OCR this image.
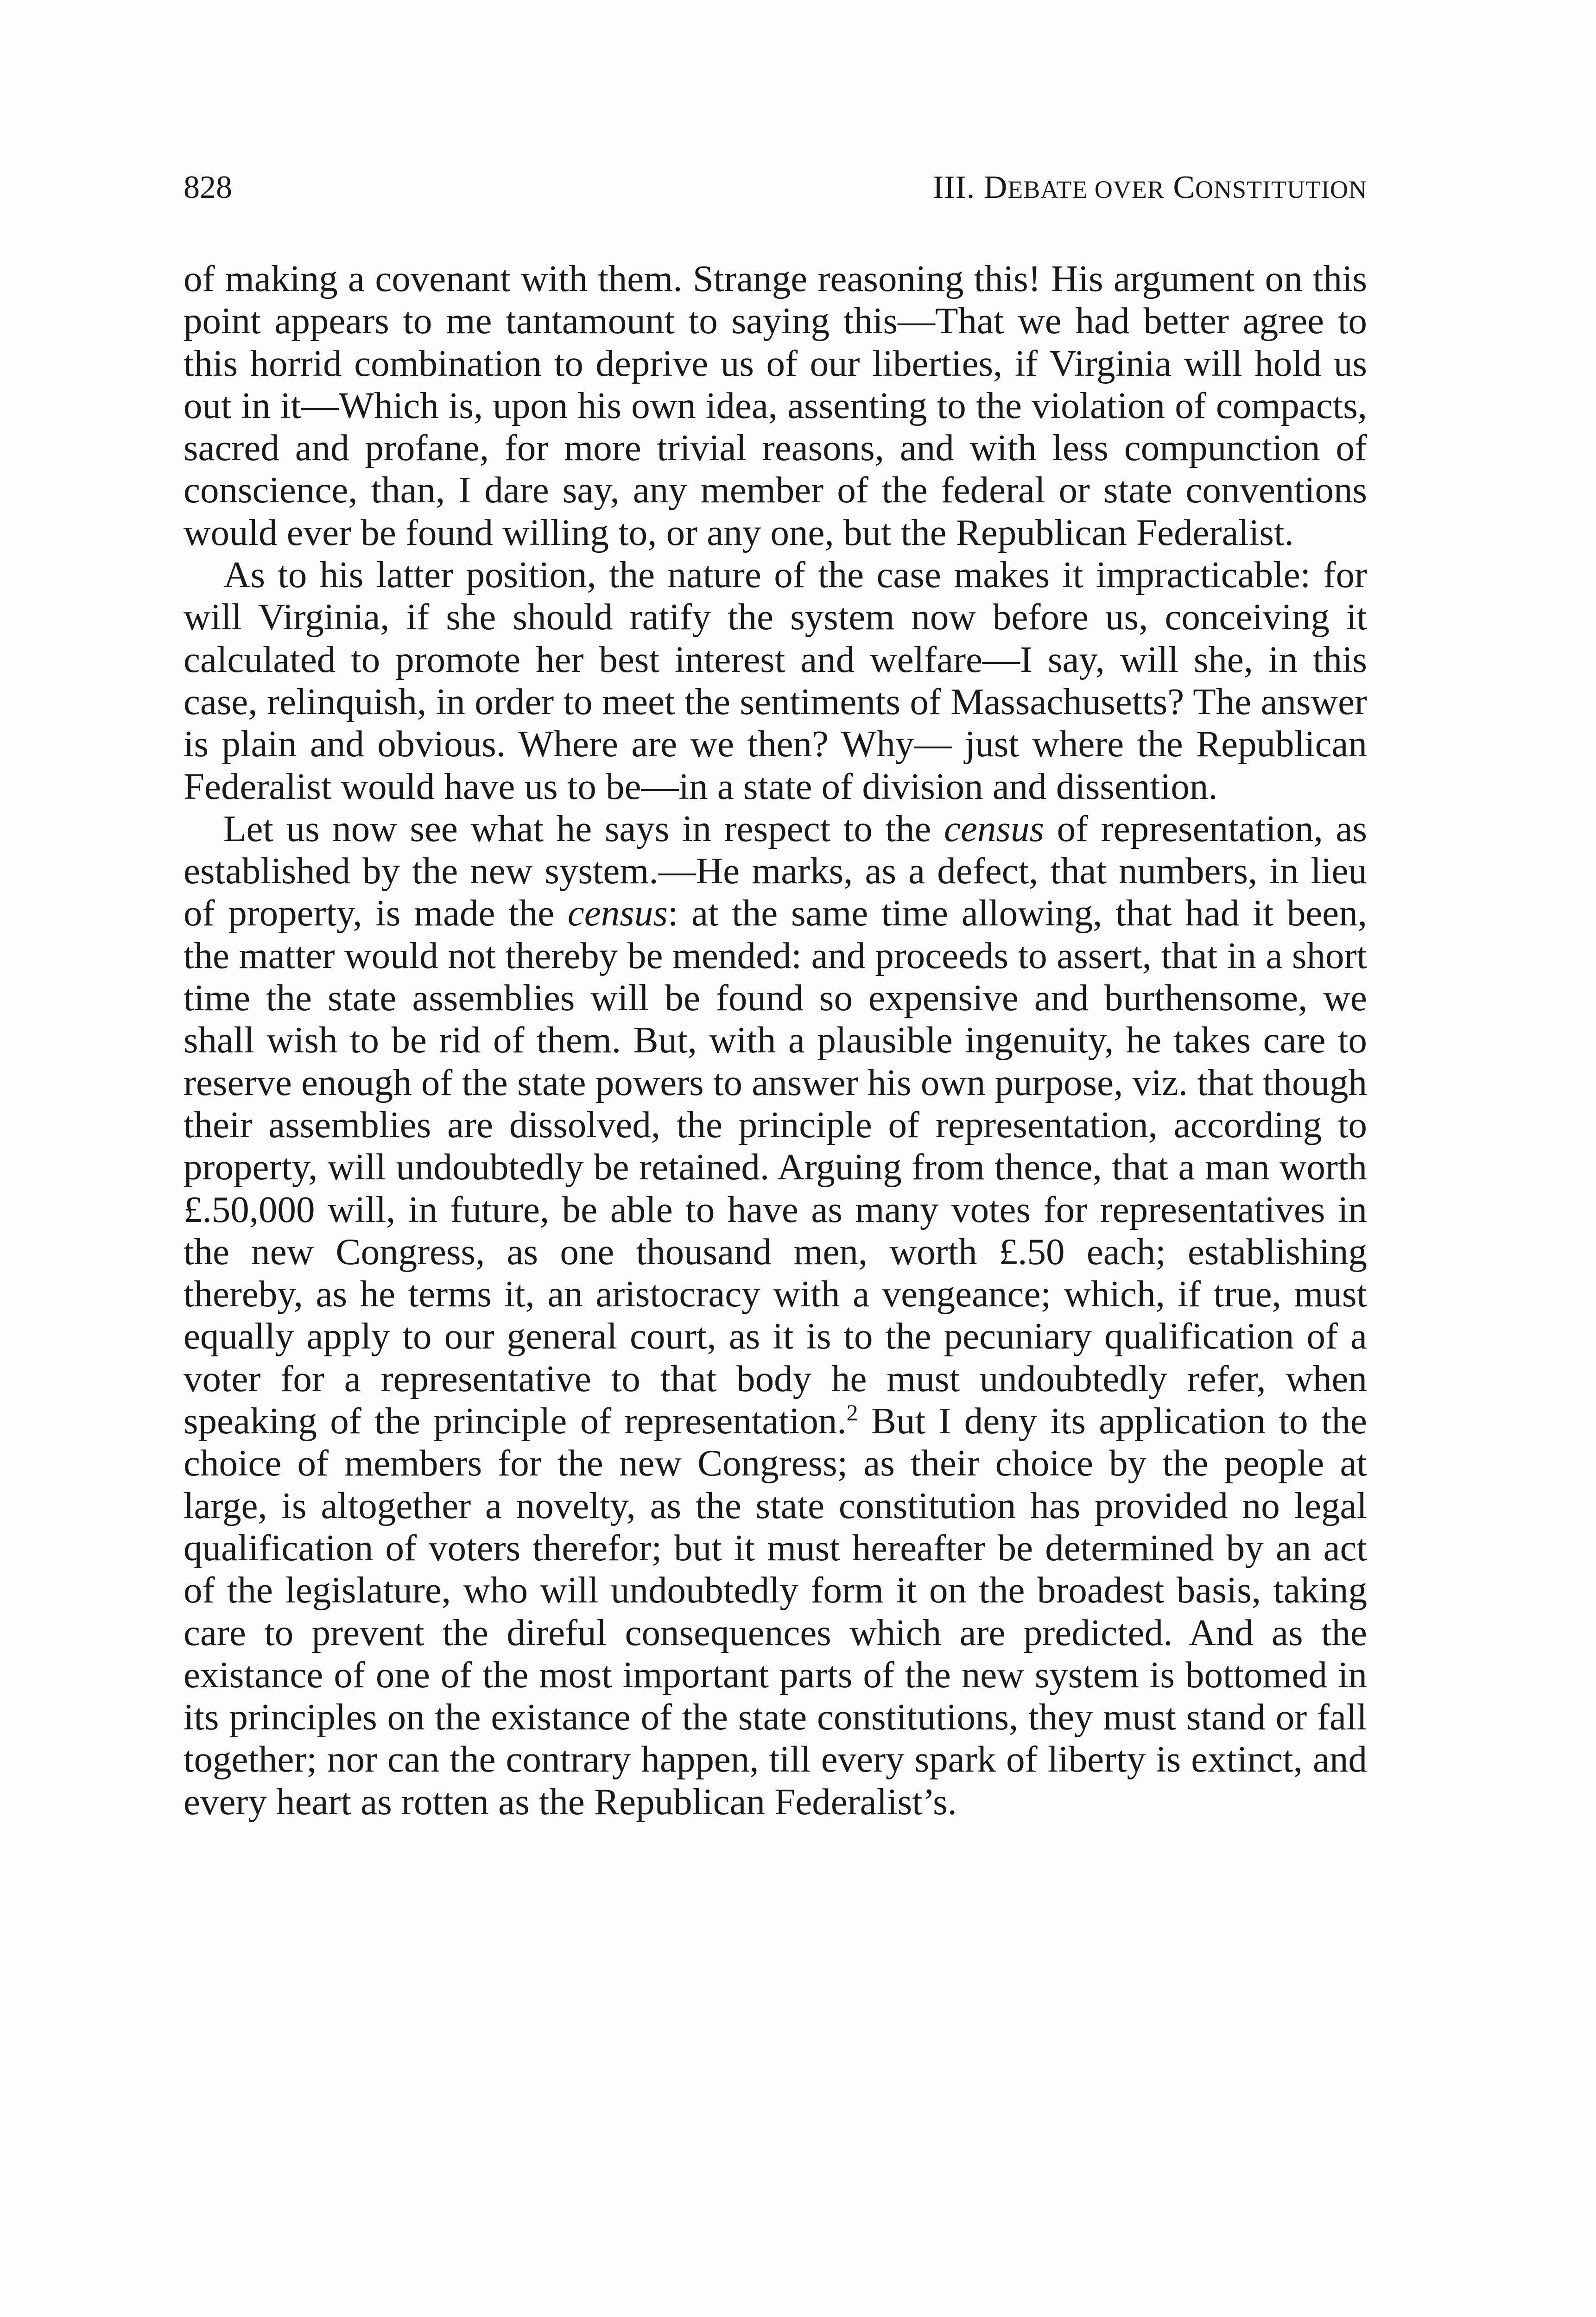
828	III. DEBATE OVER CONSTITUTION

of making a covenant with them. Strange reasoning this! His argument on this point appears to me tantamount to saying this—That we had better agree to this horrid combination to deprive us of our liberties, if Virginia will hold us out in it—Which is, upon his own idea, assenting to the violation of compacts, sacred and profane, for more trivial reasons, and with less compunction of conscience, than, I dare say, any member of the federal or state conventions would ever be found willing to, or any one, but the Republican Federalist.

As to his latter position, the nature of the case makes it impracticable: for will Virginia, if she should ratify the system now before us, conceiving it calculated to promote her best interest and welfare—I say, will she, in this case, relinquish, in order to meet the sentiments of Massachusetts? The answer is plain and obvious. Where are we then? Why— just where the Republican Federalist would have us to be—in a state of division and dissention.

Let us now see what he says in respect to the census of representation, as established by the new system.—He marks, as a defect, that numbers, in lieu of property, is made the census: at the same time allowing, that had it been, the matter would not thereby be mended: and proceeds to assert, that in a short time the state assemblies will be found so expensive and burthensome, we shall wish to be rid of them. But, with a plausible ingenuity, he takes care to reserve enough of the state powers to answer his own purpose, viz. that though their assemblies are dissolved, the principle of representation, according to property, will undoubtedly be retained. Arguing from thence, that a man worth £.50,000 will, in future, be able to have as many votes for representatives in the new Congress, as one thousand men, worth £.50 each; establishing thereby, as he terms it, an aristocracy with a vengeance; which, if true, must equally apply to our general court, as it is to the pecuniary qualification of a voter for a representative to that body he must undoubtedly refer, when speaking of the principle of representation.$^2$ But I deny its application to the choice of members for the new Congress; as their choice by the people at large, is altogether a novelty, as the state constitution has provided no legal qualification of voters therefor; but it must hereafter be determined by an act of the legislature, who will undoubtedly form it on the broadest basis, taking care to prevent the direful consequences which are predicted. And as the existance of one of the most important parts of the new system is bottomed in its principles on the existance of the state constitutions, they must stand or fall together; nor can the contrary happen, till every spark of liberty is extinct, and every heart as rotten as the Republican Federalist’s.
